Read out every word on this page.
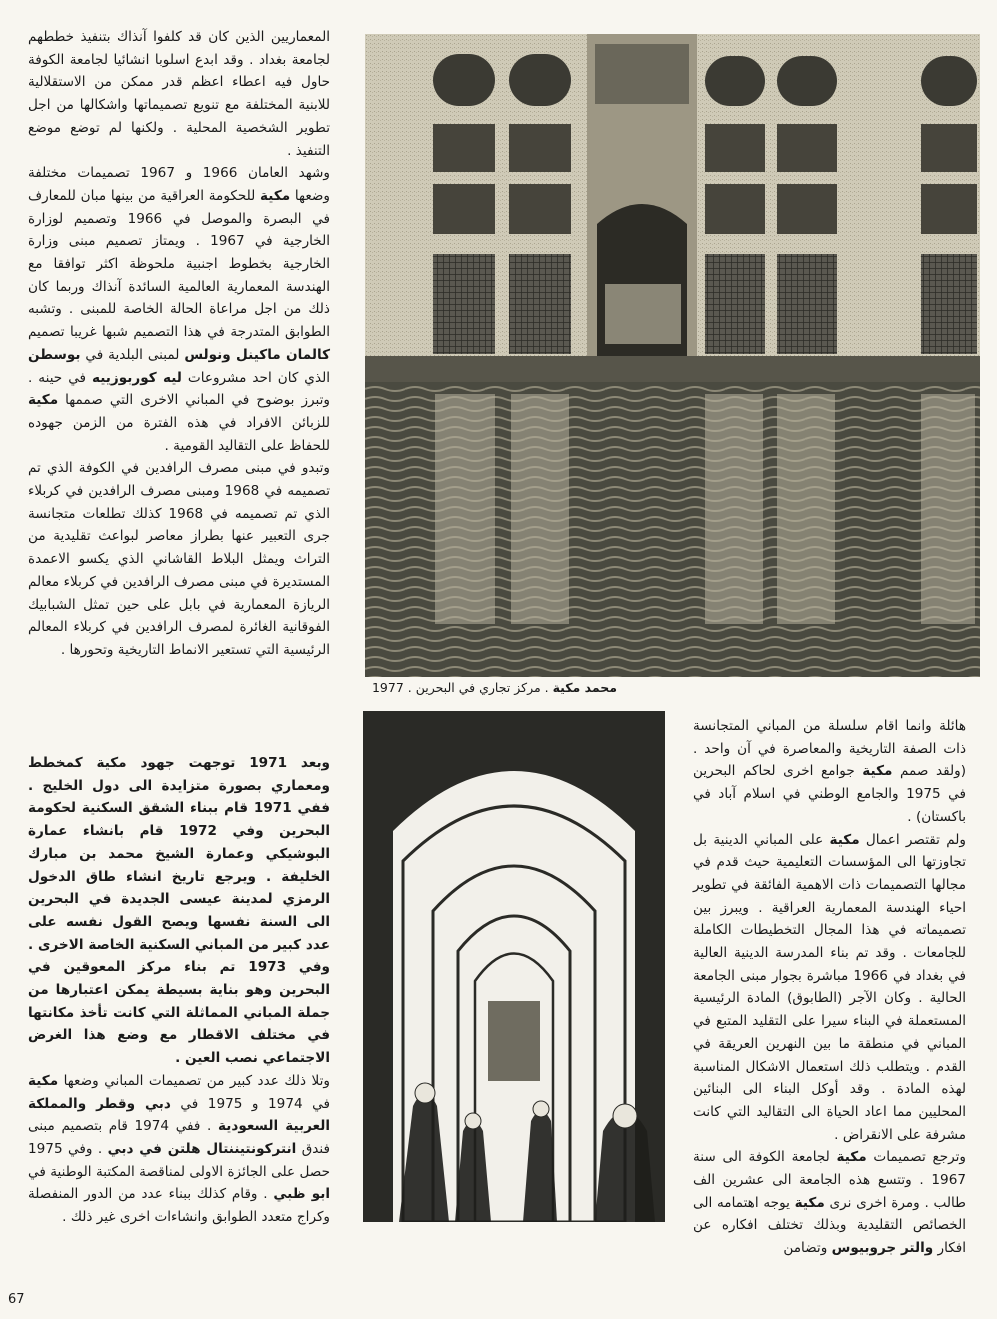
المعماريين الذين كان قد كلفوا آنذاك بتنفيذ خططهم لجامعة بغداد . وقد ابدع اسلوبا انشائيا لجامعة الكوفة حاول فيه اعطاء اعظم قدر ممكن من الاستقلالية للابنية المختلفة مع تنويع تصميماتها واشكالها من اجل تطوير الشخصية المحلية . ولكنها لم توضع موضع التنفيذ .

وشهد العامان 1966 و 1967 تصميمات مختلفة وضعها مكية للحكومة العراقية من بينها مبان للمعارف في البصرة والموصل في 1966 وتصميم لوزارة الخارجية في 1967 . ويمتاز تصميم مبنى وزارة الخارجية بخطوط اجنبية ملحوظة اكثر توافقا مع الهندسة المعمارية العالمية السائدة آنذاك وربما كان ذلك من اجل مراعاة الحالة الخاصة للمبنى . وتشبه الطوابق المتدرجة في هذا التصميم شبها غريبا تصميم كالمان ماكينل ونولس لمبنى البلدية في بوسطن الذي كان احد مشروعات ليه كوربوزييه في حينه . وتبرز بوضوح في المباني الاخرى التي صممها مكية للزبائن الافراد في هذه الفترة من الزمن جهوده للحفاظ على التقاليد القومية .

وتبدو في مبنى مصرف الرافدين في الكوفة الذي تم تصميمه في 1968 ومبنى مصرف الرافدين في كربلاء الذي تم تصميمه في 1968 كذلك تطلعات متجانسة جرى التعبير عنها بطراز معاصر لبواعث تقليدية من التراث ويمثل البلاط القاشاني الذي يكسو الاعمدة المستديرة في مبنى مصرف الرافدين في كربلاء معالم الريازة المعمارية في بابل على حين تمثل الشبابيك الفوقانية الغائرة لمصرف الرافدين في كربلاء المعالم الرئيسية التي تستعير الانماط التاريخية وتحورها .

محمد مكية . مركز تجاري في البحرين . 1977

وبعد 1971 توجهت جهود مكية كمخطط ومعماري بصورة متزايدة الى دول الخليج . ففي 1971 قام ببناء الشقق السكنية لحكومة البحرين وفي 1972 قام بانشاء عمارة البوشيكي وعمارة الشيخ محمد بن مبارك الخليفة . ويرجع تاريخ انشاء طاق الدخول الرمزي لمدينة عيسى الجديدة في البحرين الى السنة نفسها ويصح القول نفسه على عدد كبير من المباني السكنية الخاصة الاخرى . وفي 1973 تم بناء مركز المعوقين في البحرين وهو بناية بسيطة يمكن اعتبارها من جملة المباني المماثلة التي كانت تأخذ مكانتها في مختلف الاقطار مع وضع هذا الغرض الاجتماعي نصب العين .

وتلا ذلك عدد كبير من تصميمات المباني وضعها مكية في 1974 و 1975 في دبي وقطر والمملكة العربية السعودية . ففي 1974 قام بتصميم مبنى فندق انتركونتيننتال هلتن في دبي . وفي 1975 حصل على الجائزة الاولى لمناقصة المكتبة الوطنية في ابو ظبي . وقام كذلك ببناء عدد من الدور المنفصلة وكراج متعدد الطوابق وانشاءات اخرى غير ذلك .

هائلة وانما اقام سلسلة من المباني المتجانسة ذات الصفة التاريخية والمعاصرة في آن واحد . (ولقد صمم مكية جوامع اخرى لحاكم البحرين في 1975 والجامع الوطني في اسلام آباد في باكستان) .

ولم تقتصر اعمال مكية على المباني الدينية بل تجاوزتها الى المؤسسات التعليمية حيث قدم في مجالها التصميمات ذات الاهمية الفائقة في تطوير احياء الهندسة المعمارية العراقية . ويبرز بين تصميماته في هذا المجال التخطيطات الكاملة للجامعات . وقد تم بناء المدرسة الدينية العالية في بغداد في 1966 مباشرة بجوار مبنى الجامعة الحالية . وكان الآجر (الطابوق) المادة الرئيسية المستعملة في البناء سيرا على التقليد المتبع في المباني في منطقة ما بين النهرين العريقة في القدم . ويتطلب ذلك استعمال الاشكال المناسبة لهذه المادة . وقد أوكل البناء الى البنائين المحليين مما اعاد الحياة الى التقاليد التي كانت مشرفة على الانقراض .

وترجع تصميمات مكية لجامعة الكوفة الى سنة 1967 . وتتسع هذه الجامعة الى عشرين الف طالب . ومرة اخرى نرى مكية يوجه اهتمامه الى الخصائص التقليدية وبذلك تختلف افكاره عن افكار والتر جروبيوس وتضامن

67
